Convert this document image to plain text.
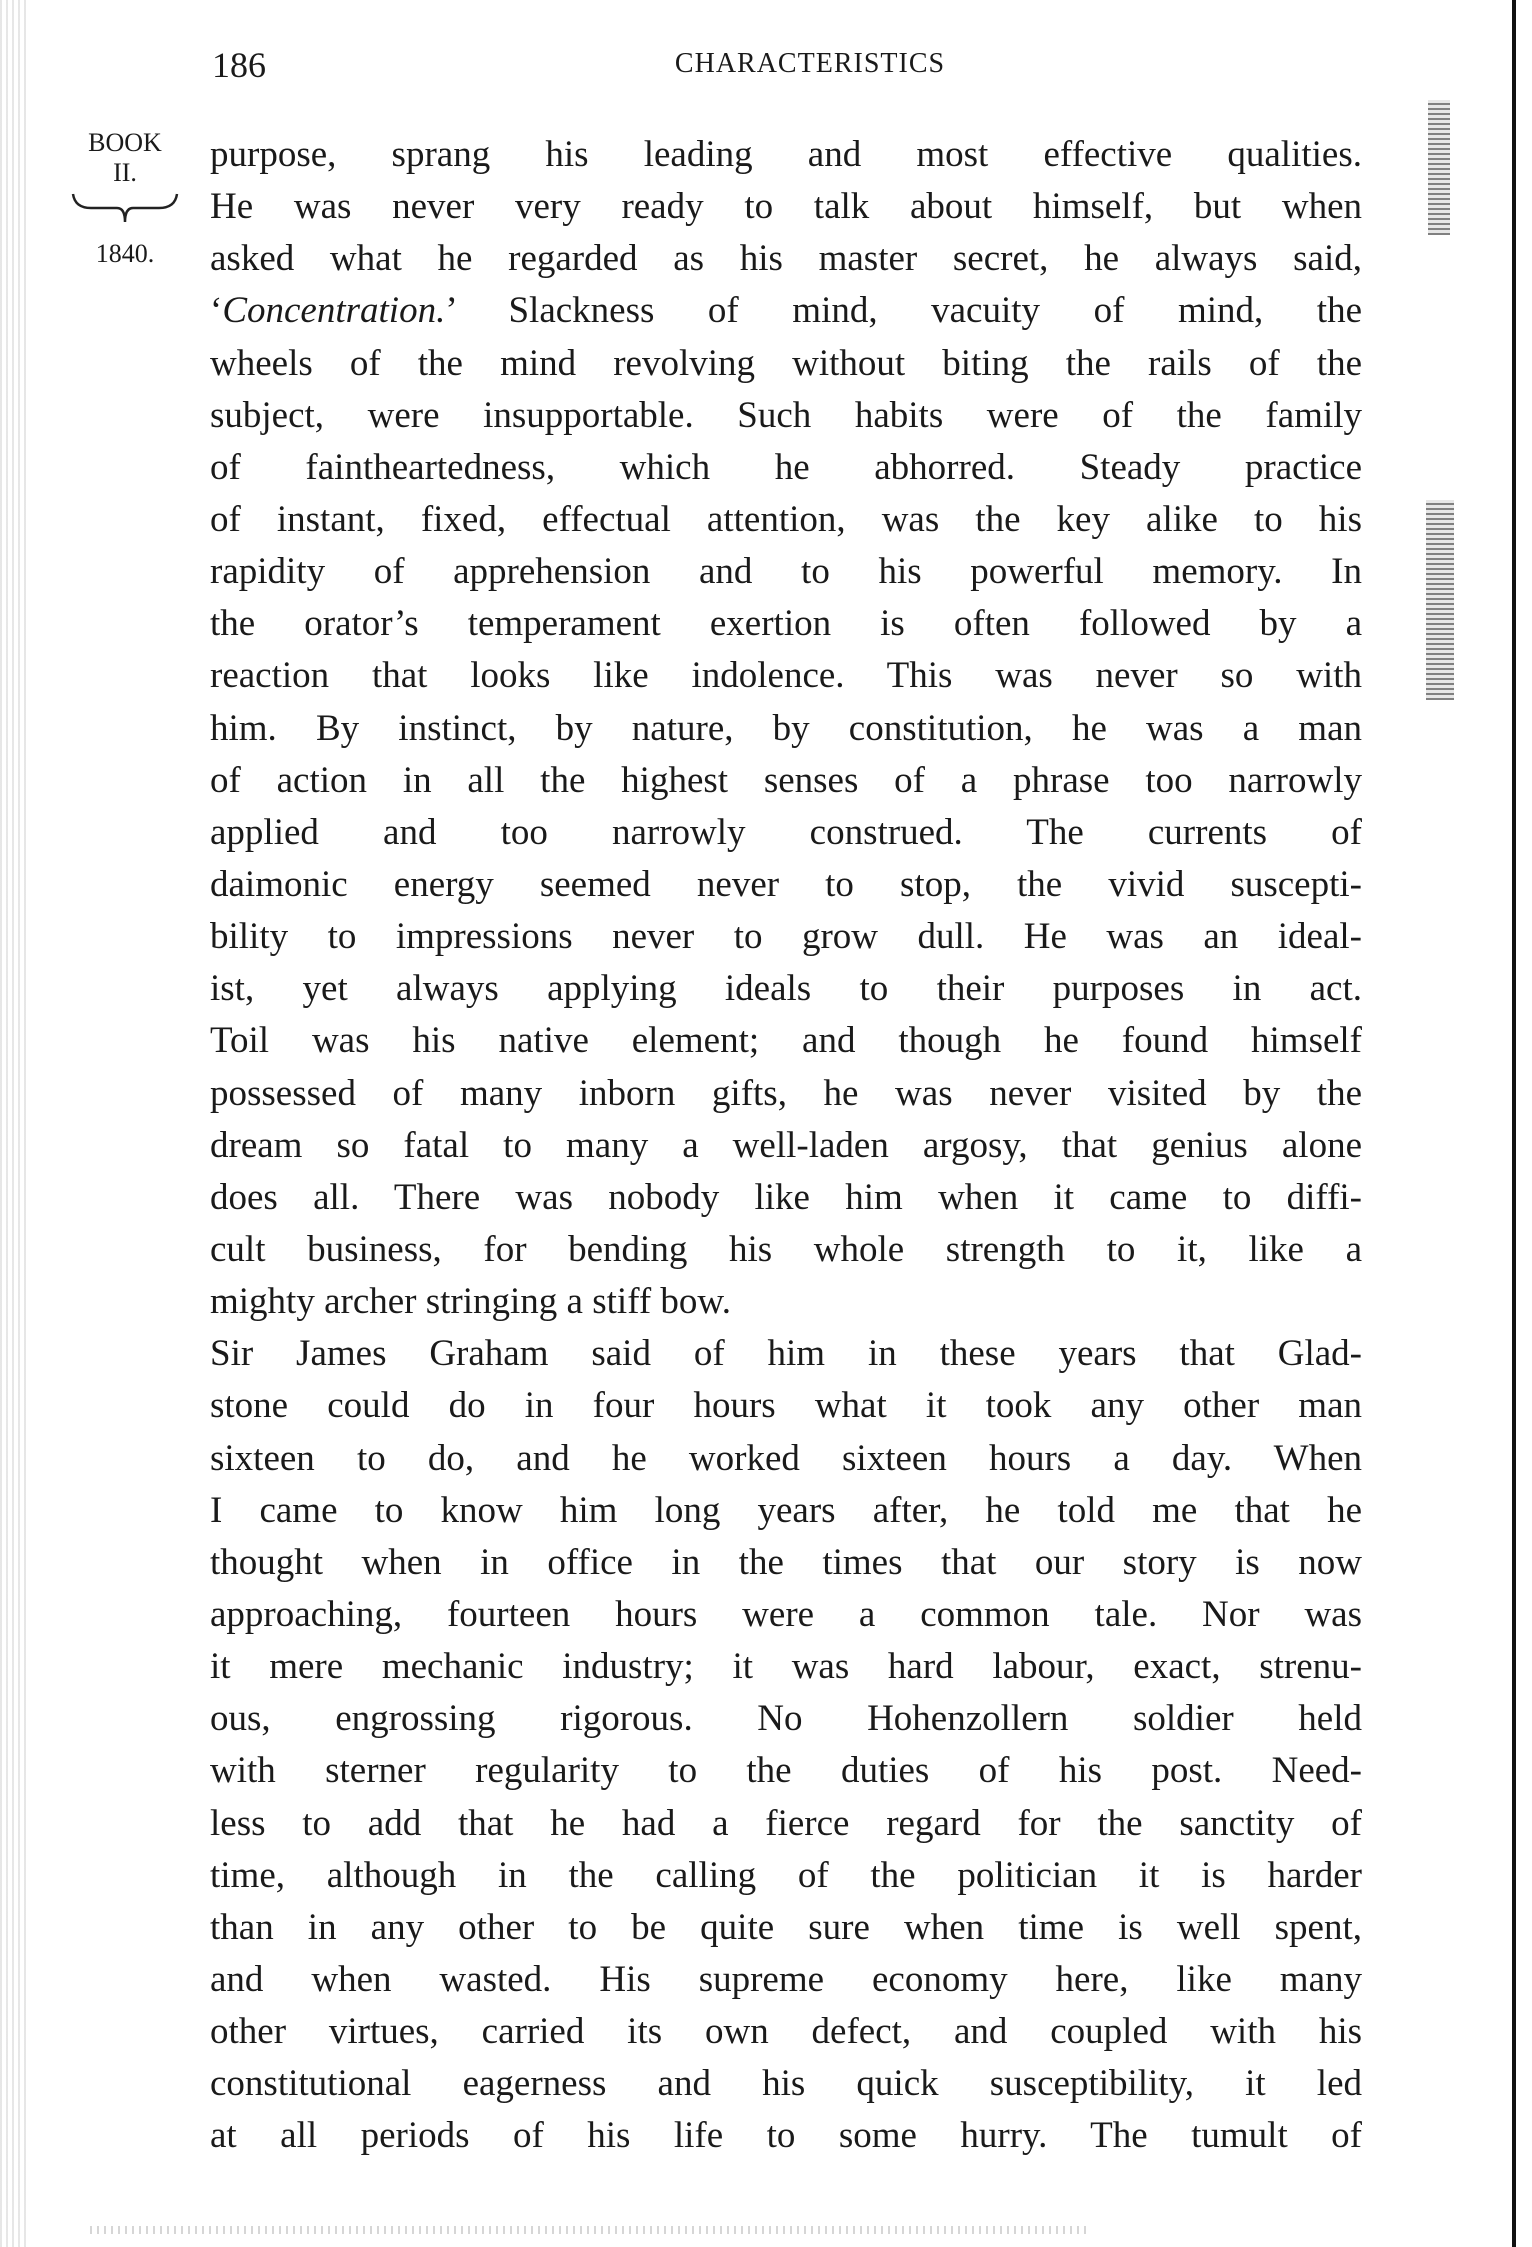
186	CHARACTERISTICS
BOOK
II.
1840.
purpose, sprang his leading and most effective qualities.
He was never very ready to talk about himself, but when
asked what he regarded as his master secret, he always said,
‘Concentration.’ Slackness of mind, vacuity of mind, the
wheels of the mind revolving without biting the rails of the
subject, were insupportable. Such habits were of the family
of faintheartedness, which he abhorred. Steady practice
of instant, fixed, effectual attention, was the key alike to his
rapidity of apprehension and to his powerful memory. In
the orator’s temperament exertion is often followed by a
reaction that looks like indolence. This was never so with
him. By instinct, by nature, by constitution, he was a man
of action in all the highest senses of a phrase too narrowly
applied and too narrowly construed. The currents of
daimonic energy seemed never to stop, the vivid suscepti-
bility to impressions never to grow dull. He was an ideal-
ist, yet always applying ideals to their purposes in act.
Toil was his native element; and though he found himself
possessed of many inborn gifts, he was never visited by the
dream so fatal to many a well-laden argosy, that genius alone
does all. There was nobody like him when it came to diffi-
cult business, for bending his whole strength to it, like a
mighty archer stringing a stiff bow.
Sir James Graham said of him in these years that Glad-
stone could do in four hours what it took any other man
sixteen to do, and he worked sixteen hours a day. When
I came to know him long years after, he told me that he
thought when in office in the times that our story is now
approaching, fourteen hours were a common tale. Nor was
it mere mechanic industry; it was hard labour, exact, strenu-
ous, engrossing rigorous. No Hohenzollern soldier held
with sterner regularity to the duties of his post. Need-
less to add that he had a fierce regard for the sanctity of
time, although in the calling of the politician it is harder
than in any other to be quite sure when time is well spent,
and when wasted. His supreme economy here, like many
other virtues, carried its own defect, and coupled with his
constitutional eagerness and his quick susceptibility, it led
at all periods of his life to some hurry. The tumult of
